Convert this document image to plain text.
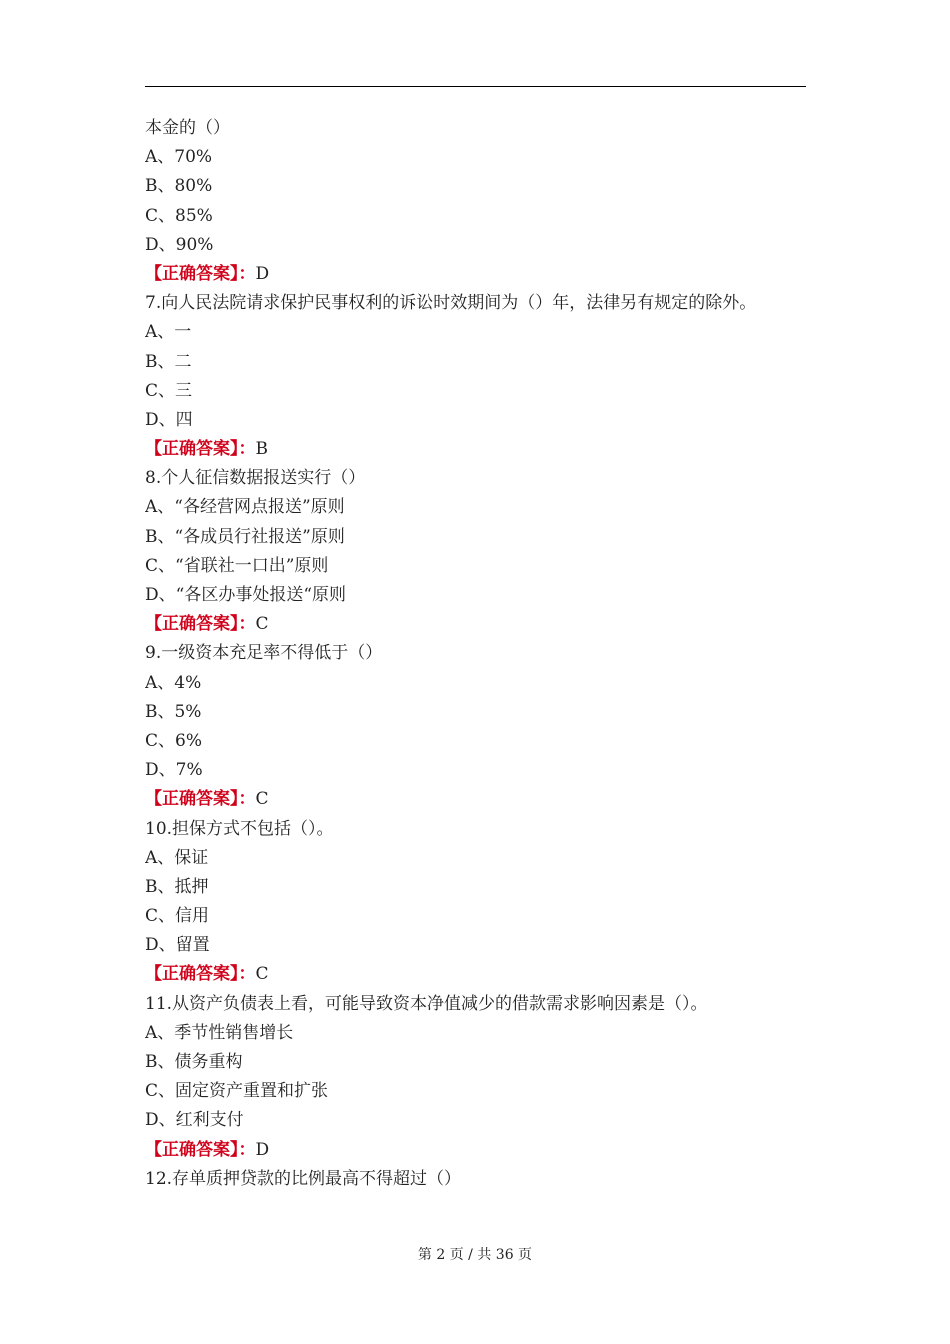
本金的（）
A、70%
B、80%
C、85%
D、90%
【正确答案】：D
7.向人民法院请求保护民事权利的诉讼时效期间为（）年，法律另有规定的除外。
A、一
B、二
C、三
D、四
【正确答案】：B
8.个人征信数据报送实行（）
A、“各经营网点报送”原则
B、“各成员行社报送”原则
C、“省联社一口出”原则
D、“各区办事处报送“原则
【正确答案】：C
9.一级资本充足率不得低于（）
A、4%
B、5%
C、6%
D、7%
【正确答案】：C
10.担保方式不包括（）。
A、保证
B、抵押
C、信用
D、留置
【正确答案】：C
11.从资产负债表上看，可能导致资本净值减少的借款需求影响因素是（）。
A、季节性销售增长
B、债务重构
C、固定资产重置和扩张
D、红利支付
【正确答案】：D
12.存单质押贷款的比例最高不得超过（）
第 2 页 / 共 36 页
